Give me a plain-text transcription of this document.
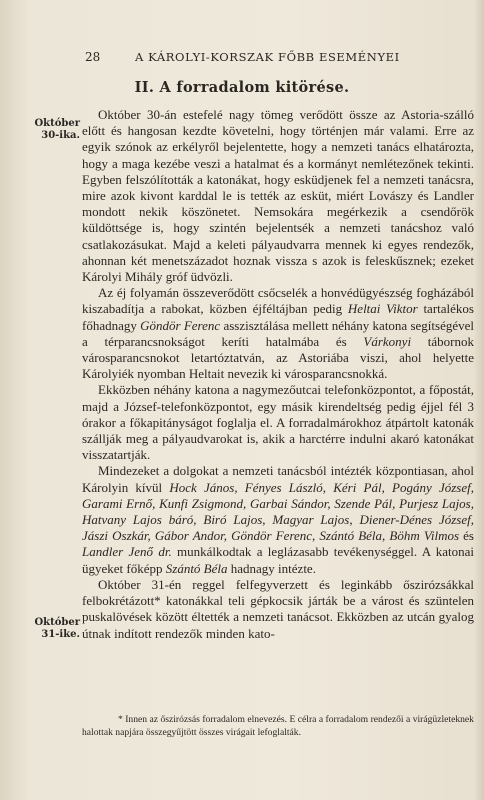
28	A KÁROLYI-KORSZAK FŐBB ESEMÉNYEI
II. A forradalom kitörése.
Október
30-ika.
Október
31-ike.

Október 30-án estefelé nagy tömeg verődött össze az Astoria-szálló előtt és hangosan kezdte követelni, hogy történjen már valami. Erre az egyik szónok az erkélyről bejelentette, hogy a nemzeti tanács elhatározta, hogy a maga kezébe veszi a hatalmat és a kormányt nemlétezőnek tekinti. Egyben felszólították a katonákat, hogy esküdjenek fel a nemzeti tanácsra, mire azok kivont karddal le is tették az esküt, miért Lovászy és Landler mondott nekik köszönetet. Nemsokára megérkezik a csendőrök küldöttsége is, hogy szintén bejelentsék a nemzeti tanácshoz való csatlakozásukat. Majd a keleti pályaudvarra mennek ki egyes rendezők, ahonnan két menetszázadot hoznak vissza s azok is feleskűsznek; ezeket Károlyi Mihály gróf üdvözli.

Az éj folyamán összeverődött csőcselék a honvédügyészség fogházából kiszabadítja a rabokat, közben éjféltájban pedig Heltai Viktor tartalékos főhadnagy Göndör Ferenc asszisztálása mellett néhány katona segítségével a térparancsnokságot keríti hatalmába és Várkonyi tábornok városparancsnokot letartóztatván, az Astoriába viszi, ahol helyette Károlyiék nyomban Heltait nevezik ki városparancsnokká.

Ekközben néhány katona a nagymezőutcai telefonközpontot, a főpostát, majd a József-telefonközpontot, egy másik kirendeltség pedig éjjel fél 3 órakor a főkapitányságot foglalja el. A forradalmárokhoz átpártolt katonák szállják meg a pályaudvarokat is, akik a harctérre indulni akaró katonákat visszatartják.

Mindezeket a dolgokat a nemzeti tanácsból intézték központiasan, ahol Károlyin kívül Hock János, Fényes László, Kéri Pál, Pogány József, Garami Ernő, Kunfi Zsigmond, Garbai Sándor, Szende Pál, Purjesz Lajos, Hatvany Lajos báró, Biró Lajos, Magyar Lajos, Diener-Dénes József, Jászi Oszkár, Gábor Andor, Göndör Ferenc, Szántó Béla, Böhm Vilmos és Landler Jenő dr. munkálkodtak a leglázasabb tevékenységgel. A katonai ügyeket főképp Szántó Béla hadnagy intézte.

Október 31-én reggel felfegyverzett és leginkább őszirózsákkal felbokrétázott* katonákkal teli gépkocsik járták be a várost és szüntelen puskalövések között éltették a nemzeti tanácsot. Ekközben az utcán gyalog útnak indított rendezők minden kato-

* Innen az őszirózsás forradalom elnevezés. E célra a forradalom rendezői a virágüzleteknek halottak napjára összegyűjtött összes virágait lefoglalták.
